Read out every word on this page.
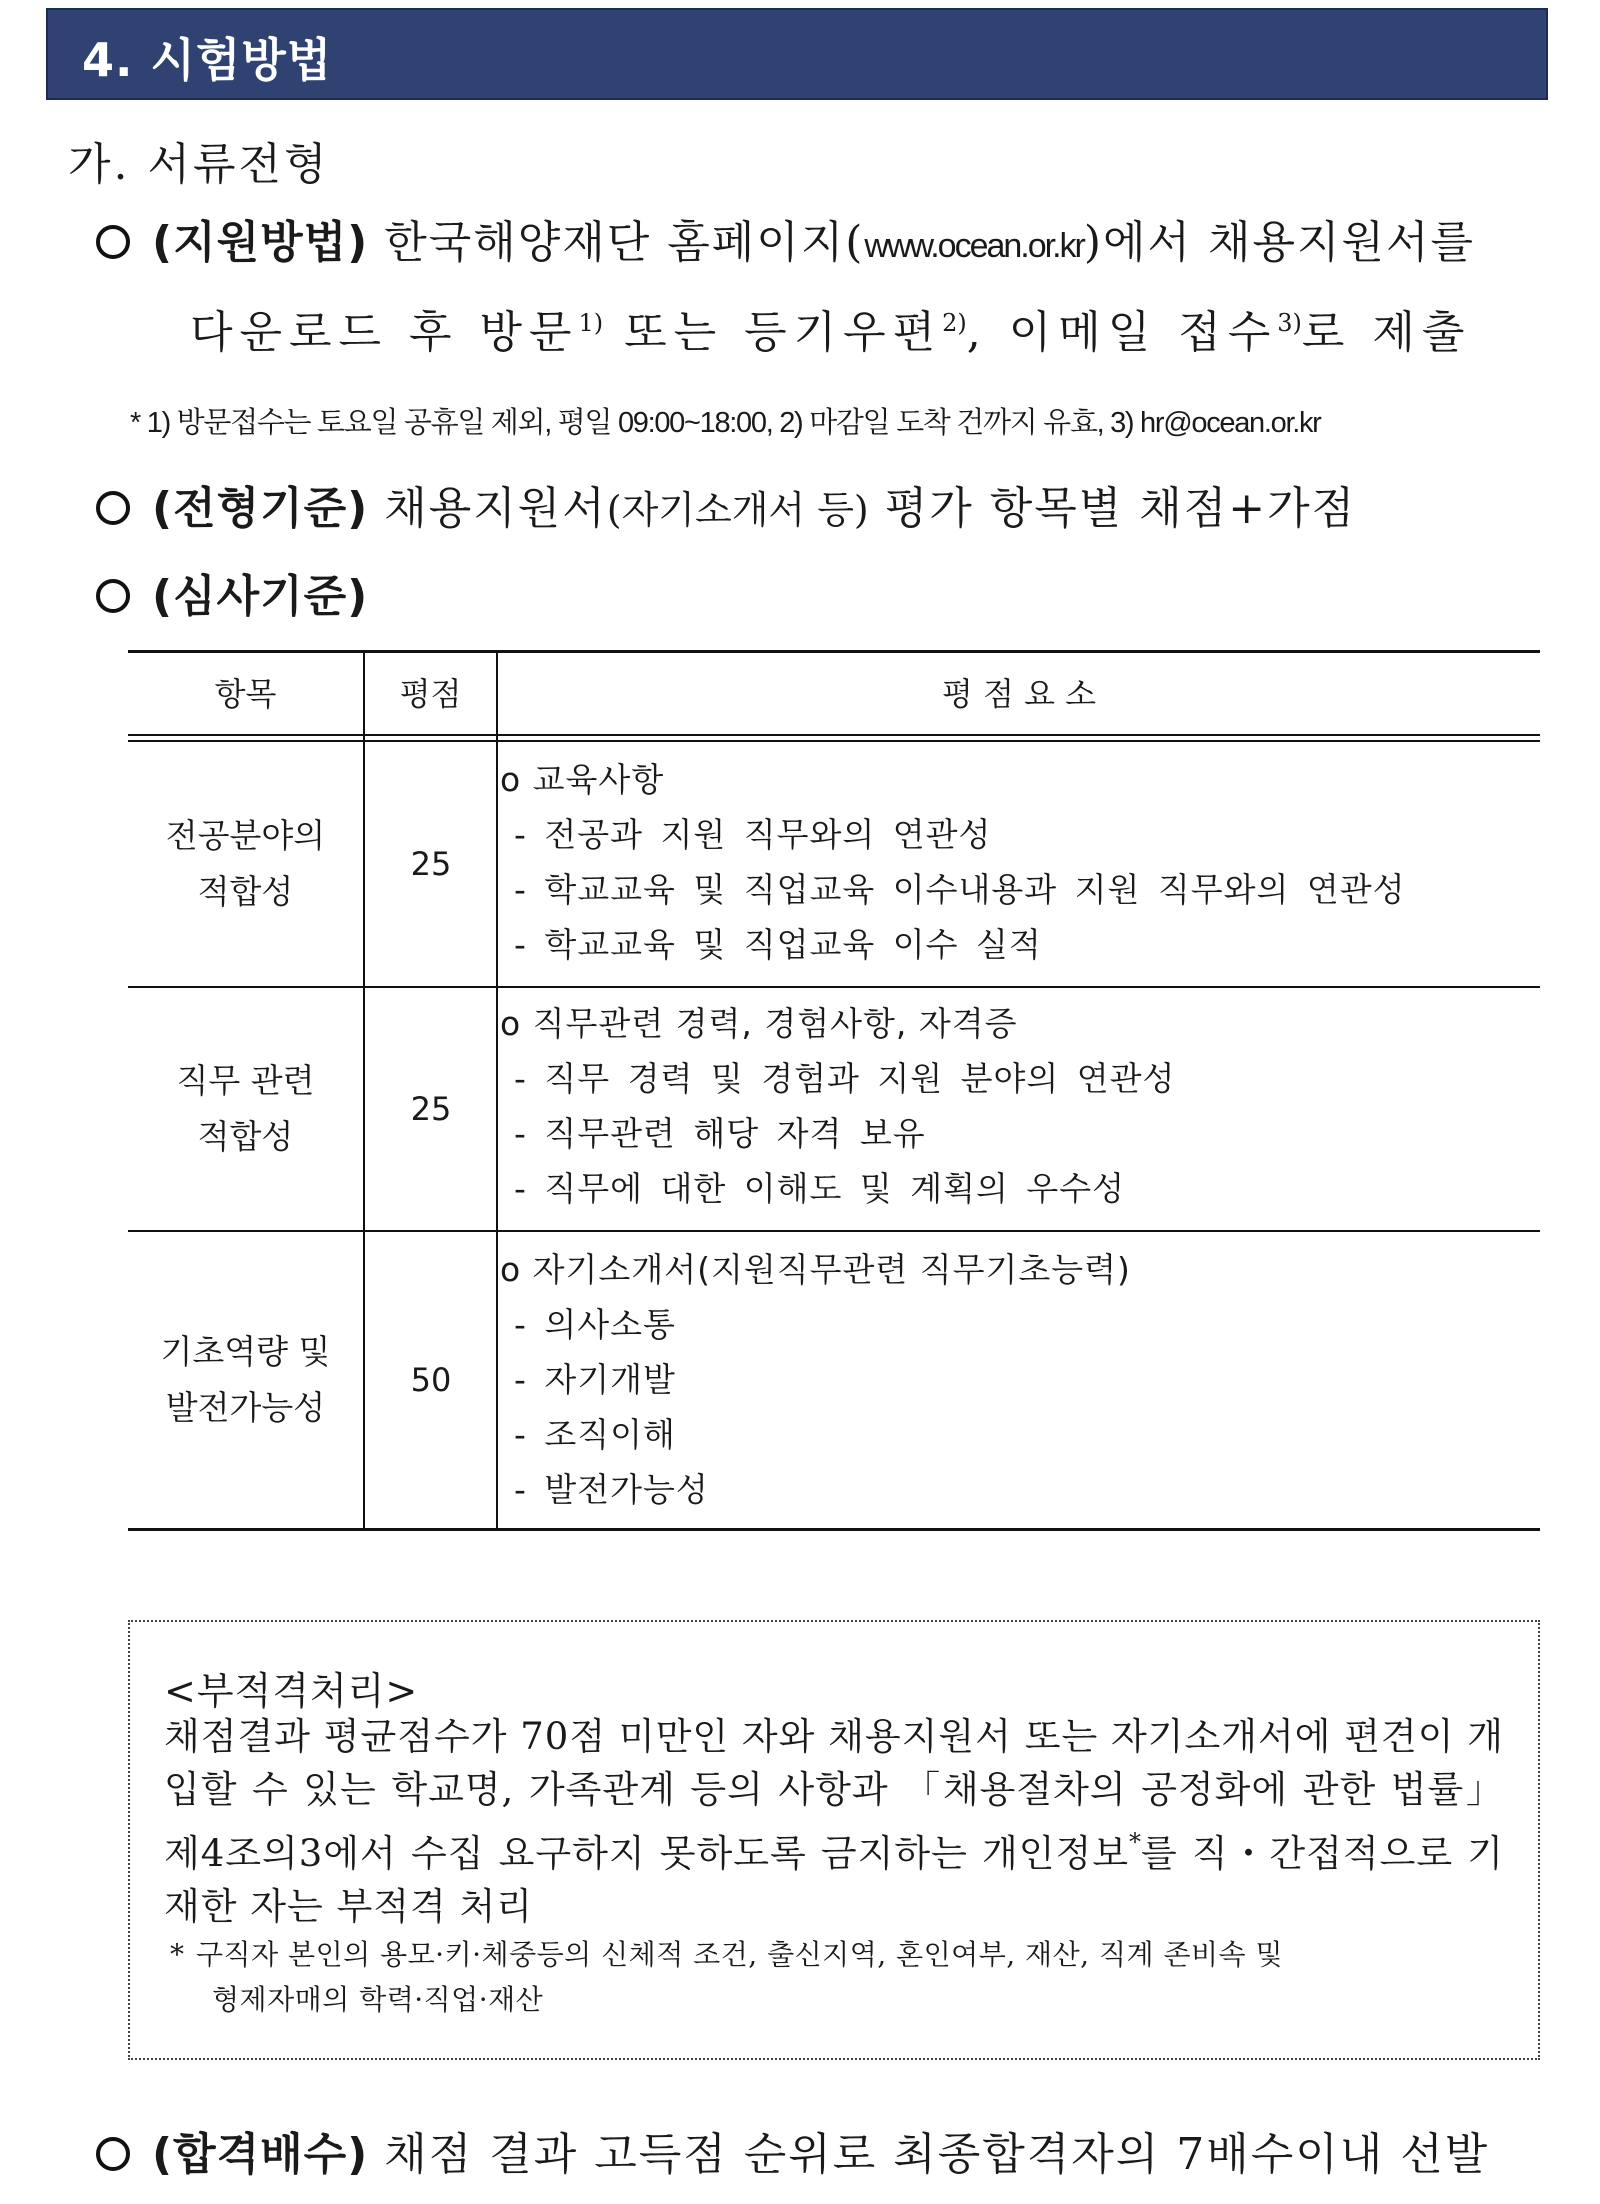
4. 시험방법
가. 서류전형
(지원방법) 한국해양재단 홈페이지(www.ocean.or.kr)에서 채용지원서를
다운로드 후 방문$^{1)}$ 또는 등기우편$^{2)}$, 이메일 접수$^{3)}$로 제출
* 1) 방문접수는 토요일 공휴일 제외, 평일 09:00~18:00, 2) 마감일 도착 건까지 유효, 3) hr@ocean.or.kr
(전형기준) 채용지원서(자기소개서 등) 평가 항목별 채점+가점
(심사기준)
항목	평점	평 점 요 소
전공분야의
적합성
25
o 교육사항
- 전공과 지원 직무와의 연관성
- 학교교육 및 직업교육 이수내용과 지원 직무와의 연관성
- 학교교육 및 직업교육 이수 실적
직무 관련
적합성
25
o 직무관련 경력, 경험사항, 자격증
- 직무 경력 및 경험과 지원 분야의 연관성
- 직무관련 해당 자격 보유
- 직무에 대한 이해도 및 계획의 우수성
기초역량 및
발전가능성
50
o 자기소개서(지원직무관련 직무기초능력)
- 의사소통
- 자기개발
- 조직이해
- 발전가능성
<부적격처리>
채점결과 평균점수가 70점 미만인 자와 채용지원서 또는 자기소개서에 편견이 개입할 수 있는 학교명, 가족관계 등의 사항과 「채용절차의 공정화에 관한 법률」제4조의3에서 수집 요구하지 못하도록 금지하는 개인정보*를 직・간접적으로 기재한 자는 부적격 처리
* 구직자 본인의 용모·키·체중등의 신체적 조건, 출신지역, 혼인여부, 재산, 직계 존비속 및
형제자매의 학력·직업·재산
(합격배수) 채점 결과 고득점 순위로 최종합격자의 7배수이내 선발
